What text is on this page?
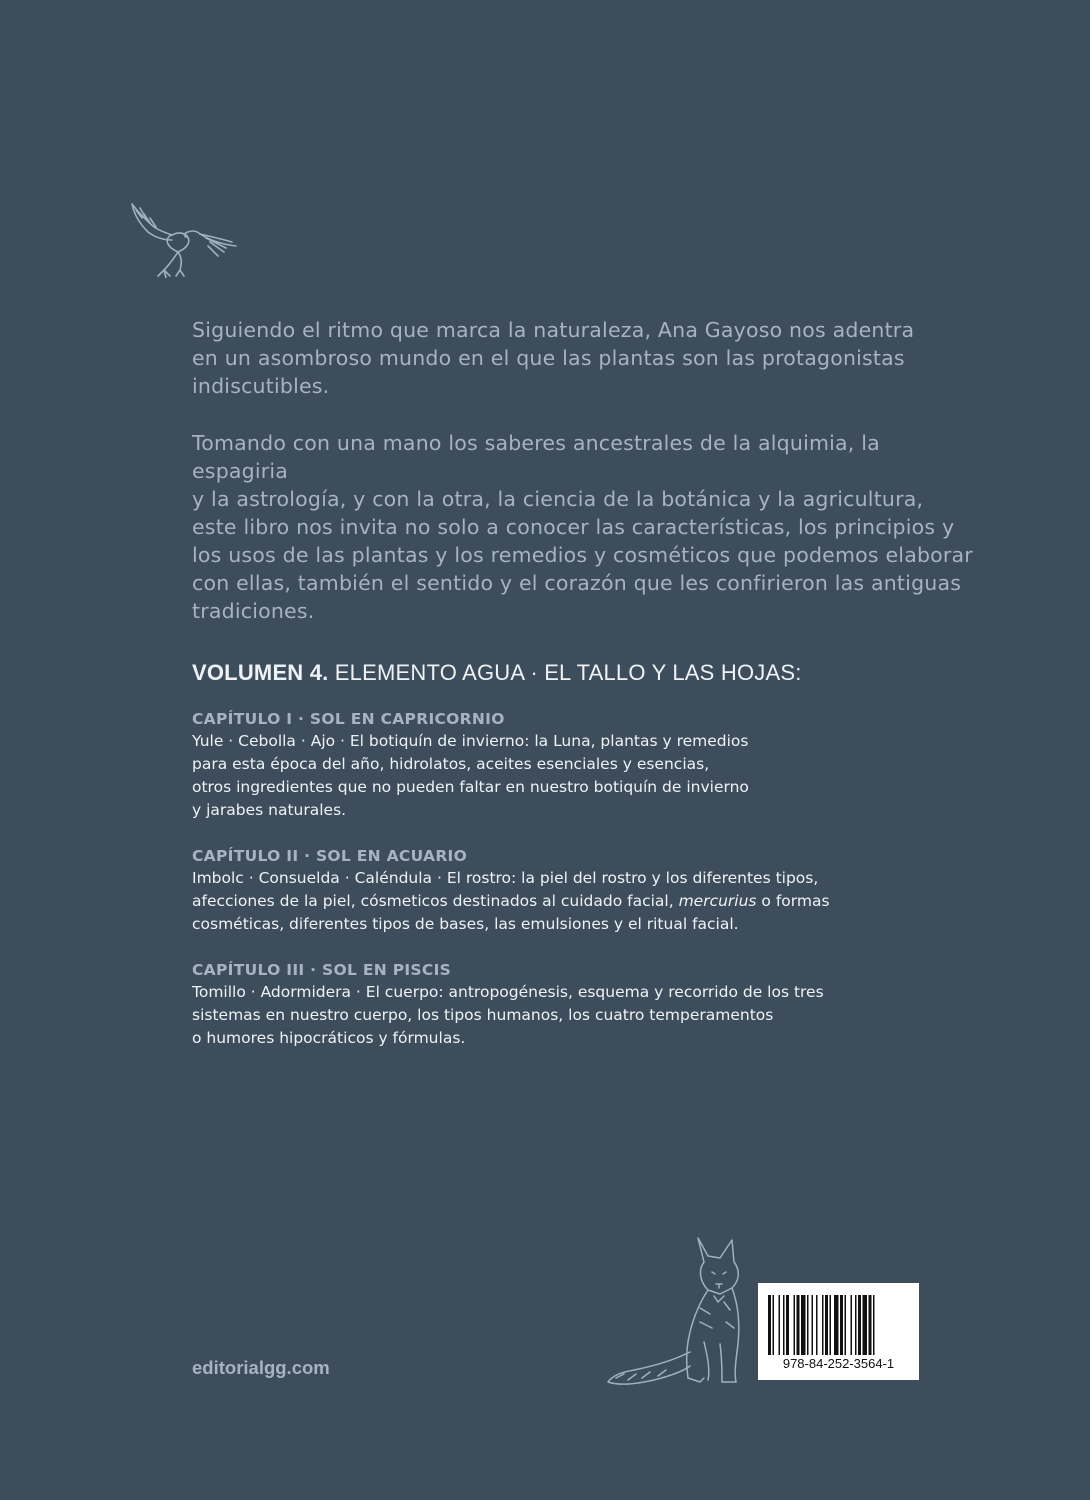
Siguiendo el ritmo que marca la naturaleza, Ana Gayoso nos adentra
en un asombroso mundo en el que las plantas son las protagonistas
indiscutibles.

Tomando con una mano los saberes ancestrales de la alquimia, la espagiria
y la astrología, y con la otra, la ciencia de la botánica y la agricultura,
este libro nos invita no solo a conocer las características, los principios y
los usos de las plantas y los remedios y cosméticos que podemos elaborar
con ellas, también el sentido y el corazón que les confirieron las antiguas
tradiciones.

VOLUMEN 4. ELEMENTO AGUA · EL TALLO Y LAS HOJAS:
CAPÍTULO I · SOL EN CAPRICORNIO
Yule · Cebolla · Ajo · El botiquín de invierno: la Luna, plantas y remedios
para esta época del año, hidrolatos, aceites esenciales y esencias,
otros ingredientes que no pueden faltar en nuestro botiquín de invierno
y jarabes naturales.
CAPÍTULO II · SOL EN ACUARIO
Imbolc · Consuelda · Caléndula · El rostro: la piel del rostro y los diferentes tipos,
afecciones de la piel, cósmeticos destinados al cuidado facial, mercurius o formas
cosméticas, diferentes tipos de bases, las emulsiones y el ritual facial.
CAPÍTULO III · SOL EN PISCIS
Tomillo · Adormidera · El cuerpo: antropogénesis, esquema y recorrido de los tres
sistemas en nuestro cuerpo, los tipos humanos, los cuatro temperamentos
o humores hipocráticos y fórmulas.
editorialgg.com	978-84-252-3564-1
